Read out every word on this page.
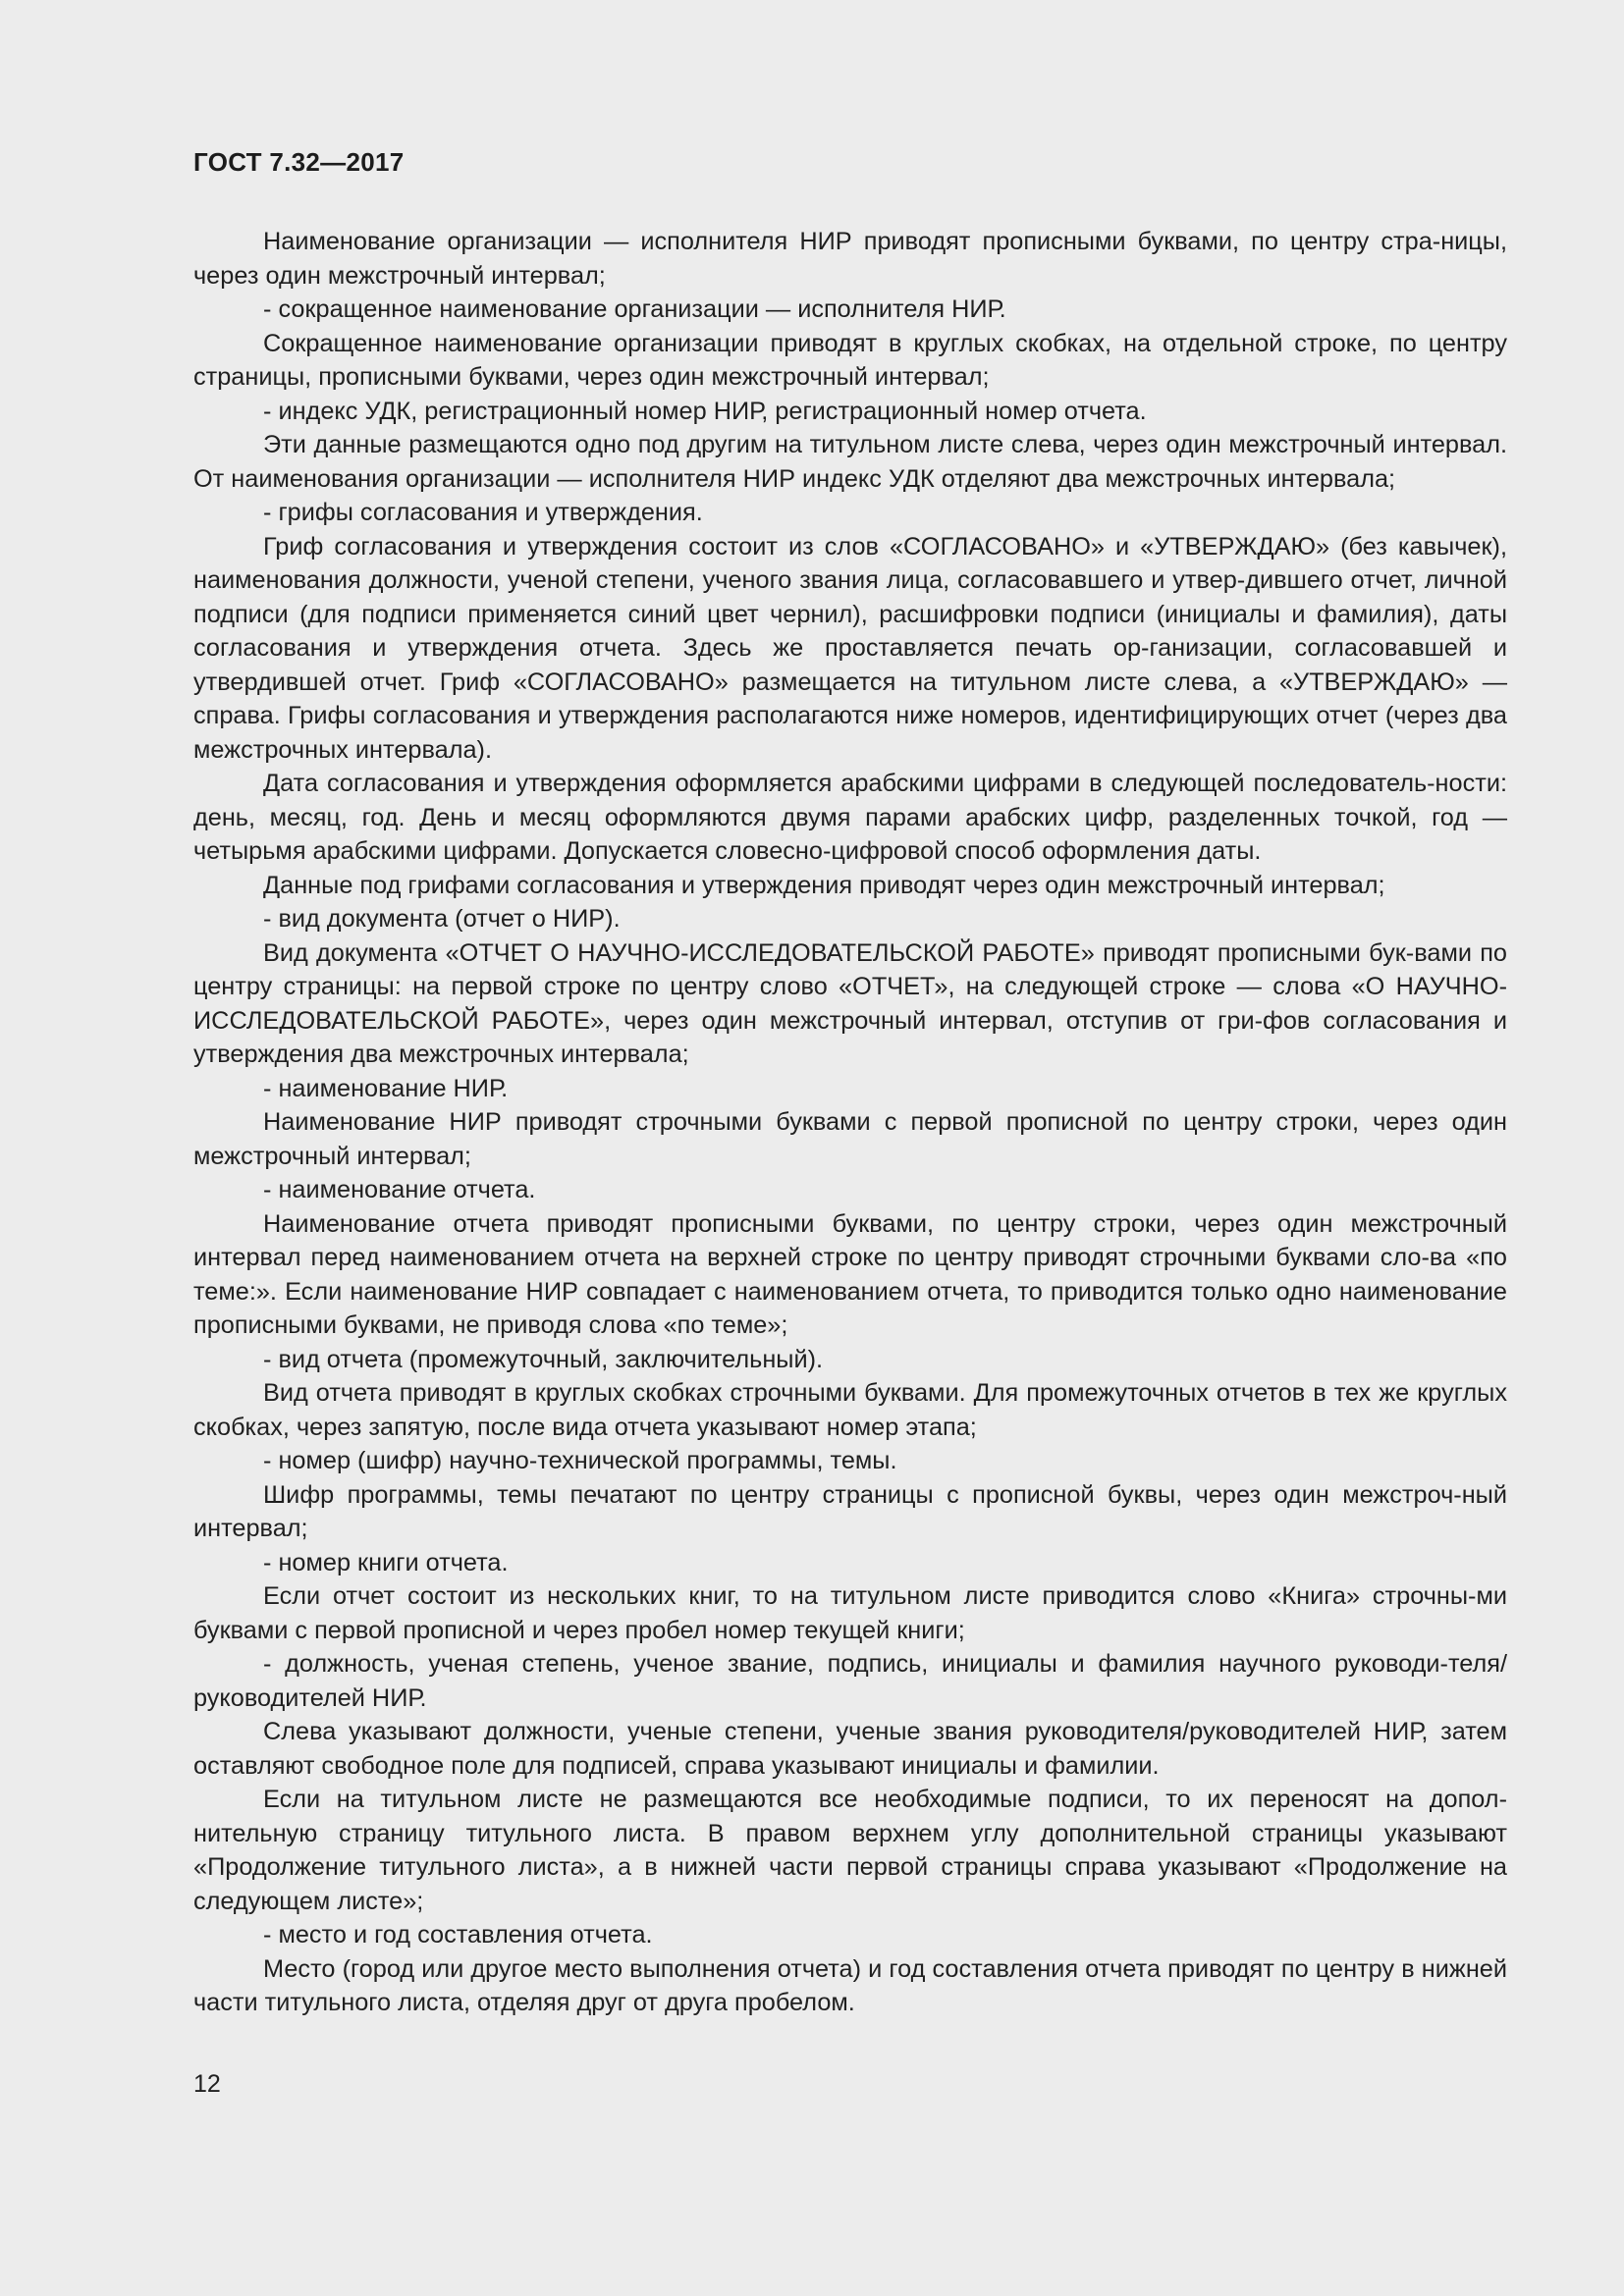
ГОСТ 7.32—2017

Наименование организации — исполнителя НИР приводят прописными буквами, по центру стра-ницы, через один межстрочный интервал;

- сокращенное наименование организации — исполнителя НИР.

Сокращенное наименование организации приводят в круглых скобках, на отдельной строке, по центру страницы, прописными буквами, через один межстрочный интервал;

- индекс УДК, регистрационный номер НИР, регистрационный номер отчета.

Эти данные размещаются одно под другим на титульном листе слева, через один межстрочный интервал. От наименования организации — исполнителя НИР индекс УДК отделяют два межстрочных интервала;

- грифы согласования и утверждения.

Гриф согласования и утверждения состоит из слов «СОГЛАСОВАНО» и «УТВЕРЖДАЮ» (без кавычек), наименования должности, ученой степени, ученого звания лица, согласовавшего и утвер-дившего отчет, личной подписи (для подписи применяется синий цвет чернил), расшифровки подписи (инициалы и фамилия), даты согласования и утверждения отчета. Здесь же проставляется печать ор-ганизации, согласовавшей и утвердившей отчет. Гриф «СОГЛАСОВАНО» размещается на титульном листе слева, а «УТВЕРЖДАЮ» — справа. Грифы согласования и утверждения располагаются ниже номеров, идентифицирующих отчет (через два межстрочных интервала).

Дата согласования и утверждения оформляется арабскими цифрами в следующей последователь-ности: день, месяц, год. День и месяц оформляются двумя парами арабских цифр, разделенных точкой, год — четырьмя арабскими цифрами. Допускается словесно-цифровой способ оформления даты.

Данные под грифами согласования и утверждения приводят через один межстрочный интервал;

- вид документа (отчет о НИР).

Вид документа «ОТЧЕТ О НАУЧНО-ИССЛЕДОВАТЕЛЬСКОЙ РАБОТЕ» приводят прописными бук-вами по центру страницы: на первой строке по центру слово «ОТЧЕТ», на следующей строке — слова «О НАУЧНО-ИССЛЕДОВАТЕЛЬСКОЙ РАБОТЕ», через один межстрочный интервал, отступив от гри-фов согласования и утверждения два межстрочных интервала;

- наименование НИР.

Наименование НИР приводят строчными буквами с первой прописной по центру строки, через один межстрочный интервал;

- наименование отчета.

Наименование отчета приводят прописными буквами, по центру строки, через один межстрочный интервал перед наименованием отчета на верхней строке по центру приводят строчными буквами сло-ва «по теме:». Если наименование НИР совпадает с наименованием отчета, то приводится только одно наименование прописными буквами, не приводя слова «по теме»;

- вид отчета (промежуточный, заключительный).

Вид отчета приводят в круглых скобках строчными буквами. Для промежуточных отчетов в тех же круглых скобках, через запятую, после вида отчета указывают номер этапа;

- номер (шифр) научно-технической программы, темы.

Шифр программы, темы печатают по центру страницы с прописной буквы, через один межстроч-ный интервал;

- номер книги отчета.

Если отчет состоит из нескольких книг, то на титульном листе приводится слово «Книга» строчны-ми буквами с первой прописной и через пробел номер текущей книги;

- должность, ученая степень, ученое звание, подпись, инициалы и фамилия научного руководи-теля/руководителей НИР.

Слева указывают должности, ученые степени, ученые звания руководителя/руководителей НИР, затем оставляют свободное поле для подписей, справа указывают инициалы и фамилии.

Если на титульном листе не размещаются все необходимые подписи, то их переносят на допол-нительную страницу титульного листа. В правом верхнем углу дополнительной страницы указывают «Продолжение титульного листа», а в нижней части первой страницы справа указывают «Продолжение на следующем листе»;

- место и год составления отчета.

Место (город или другое место выполнения отчета) и год составления отчета приводят по центру в нижней части титульного листа, отделяя друг от друга пробелом.

12
